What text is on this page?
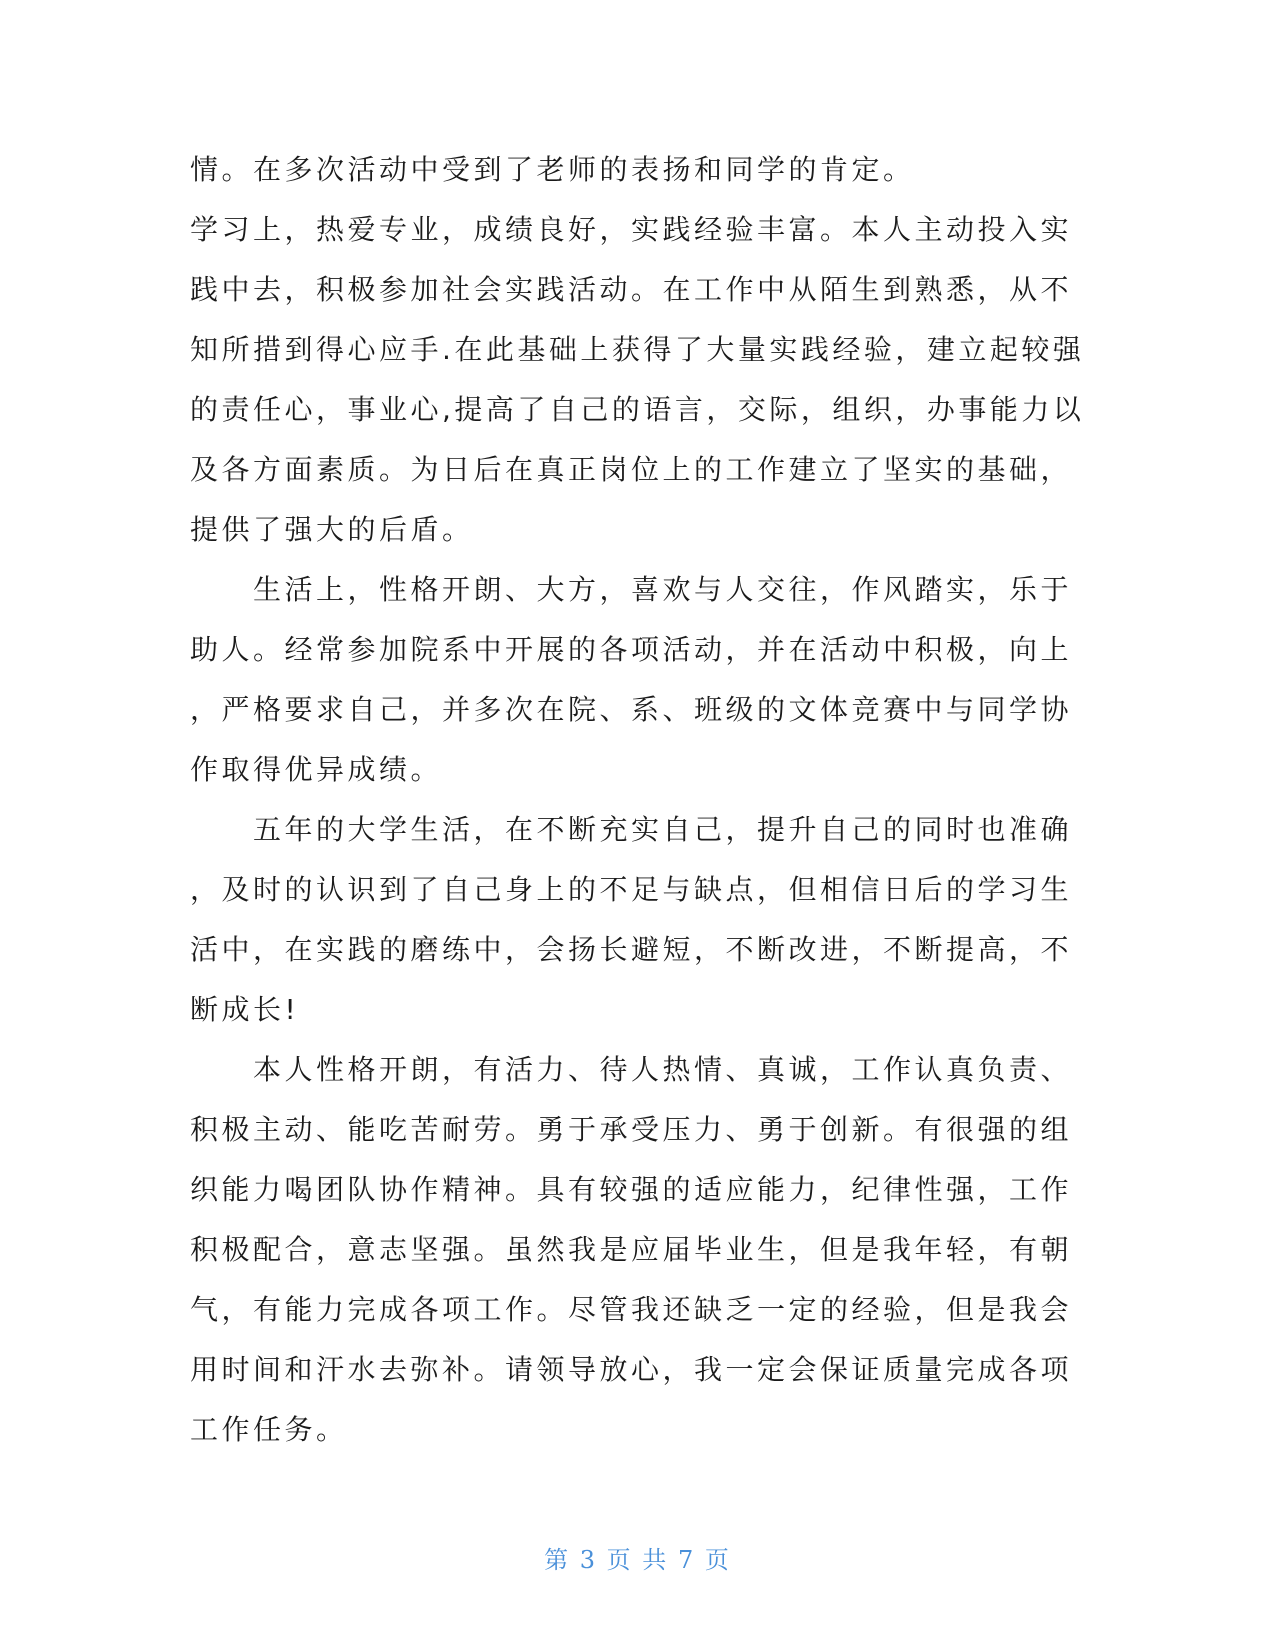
情。在多次活动中受到了老师的表扬和同学的肯定。
学习上，热爱专业，成绩良好，实践经验丰富。本人主动投入实
践中去，积极参加社会实践活动。在工作中从陌生到熟悉，从不
知所措到得心应手.在此基础上获得了大量实践经验，建立起较强
的责任心，事业心,提高了自己的语言，交际，组织，办事能力以
及各方面素质。为日后在真正岗位上的工作建立了坚实的基础，
提供了强大的后盾。
　　生活上，性格开朗、大方，喜欢与人交往，作风踏实，乐于
助人。经常参加院系中开展的各项活动，并在活动中积极，向上
，严格要求自己，并多次在院、系、班级的文体竞赛中与同学协
作取得优异成绩。
　　五年的大学生活，在不断充实自己，提升自己的同时也准确
，及时的认识到了自己身上的不足与缺点，但相信日后的学习生
活中，在实践的磨练中，会扬长避短，不断改进，不断提高，不
断成长!
　　本人性格开朗，有活力、待人热情、真诚，工作认真负责、
积极主动、能吃苦耐劳。勇于承受压力、勇于创新。有很强的组
织能力喝团队协作精神。具有较强的适应能力，纪律性强，工作
积极配合，意志坚强。虽然我是应届毕业生，但是我年轻，有朝
气，有能力完成各项工作。尽管我还缺乏一定的经验，但是我会
用时间和汗水去弥补。请领导放心，我一定会保证质量完成各项
工作任务。
第 3 页 共 7 页
